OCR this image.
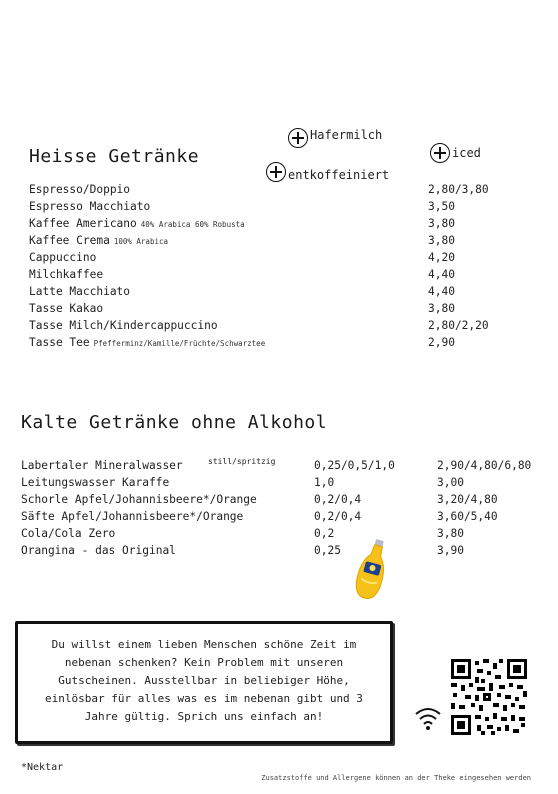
Heisse Getränke
Hafermilch
entkoffeiniert
iced
Espresso/Doppio	2,80/3,80
Espresso Macchiato	3,50
Kaffee Americano 40% Arabica 60% Robusta	3,80
Kaffee Crema 100% Arabica	3,80
Cappuccino	4,20
Milchkaffee	4,40
Latte Macchiato	4,40
Tasse Kakao	3,80
Tasse Milch/Kindercappuccino	2,80/2,20
Tasse Tee Pfefferminz/Kamille/Früchte/Schwarztee	2,90
Kalte Getränke ohne Alkohol
Labertaler Mineralwasser	still/spritzig	0,25/0,5/1,0	2,90/4,80/6,80
Leitungswasser Karaffe	1,0	3,00
Schorle Apfel/Johannisbeere*/Orange	0,2/0,4	3,20/4,80
Säfte Apfel/Johannisbeere*/Orange	0,2/0,4	3,60/5,40
Cola/Cola Zero	0,2	3,80
Orangina - das Original	0,25	3,90
Du willst einem lieben Menschen schöne Zeit im nebenan schenken? Kein Problem mit unseren Gutscheinen. Ausstellbar in beliebiger Höhe, einlösbar für alles was es im nebenan gibt und 3 Jahre gültig. Sprich uns einfach an!
*Nektar
Zusatzstoffe und Allergene können an der Theke eingesehen werden
